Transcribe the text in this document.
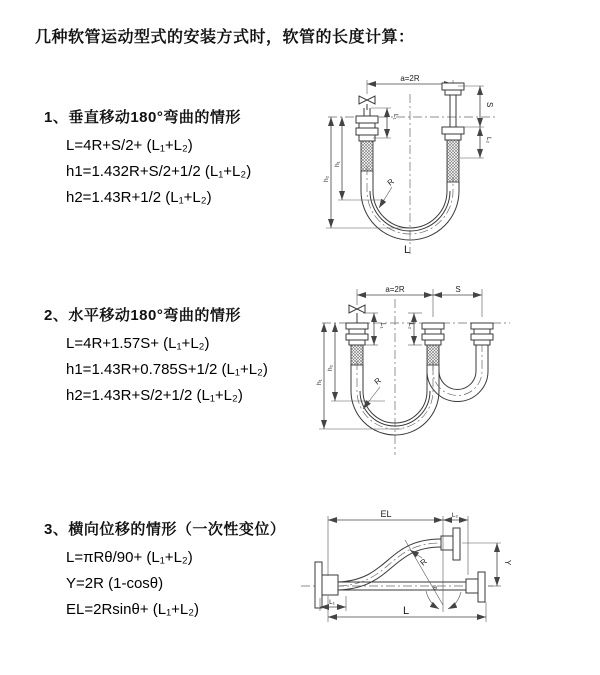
几种软管运动型式的安装方式时，软管的长度计算：
1、垂直移动180°弯曲的情形

L=4R+S/2+ (L₁+L₂)

h1=1.432R+S/2+1/2 (L₁+L₂)

h2=1.43R+1/2 (L₁+L₂)

2、水平移动180°弯曲的情形

L=4R+1.57S+ (L₁+L₂)

h1=1.43R+0.785S+1/2 (L₁+L₂)

h2=1.43R+S/2+1/2 (L₁+L₂)

3、横向位移的情形（一次性变位）

L=πRθ/90+ (L₁+L₂)

Y=2R (1-cosθ)

EL=2Rsinθ+ (L₁+L₂)

a=2R
L₁
S
L₂
R
h₂
h₁
L
a=2R	S
L₁	L₂
R
h₁
h₂
EL	L₂
θ
R	Y
L₁
L
